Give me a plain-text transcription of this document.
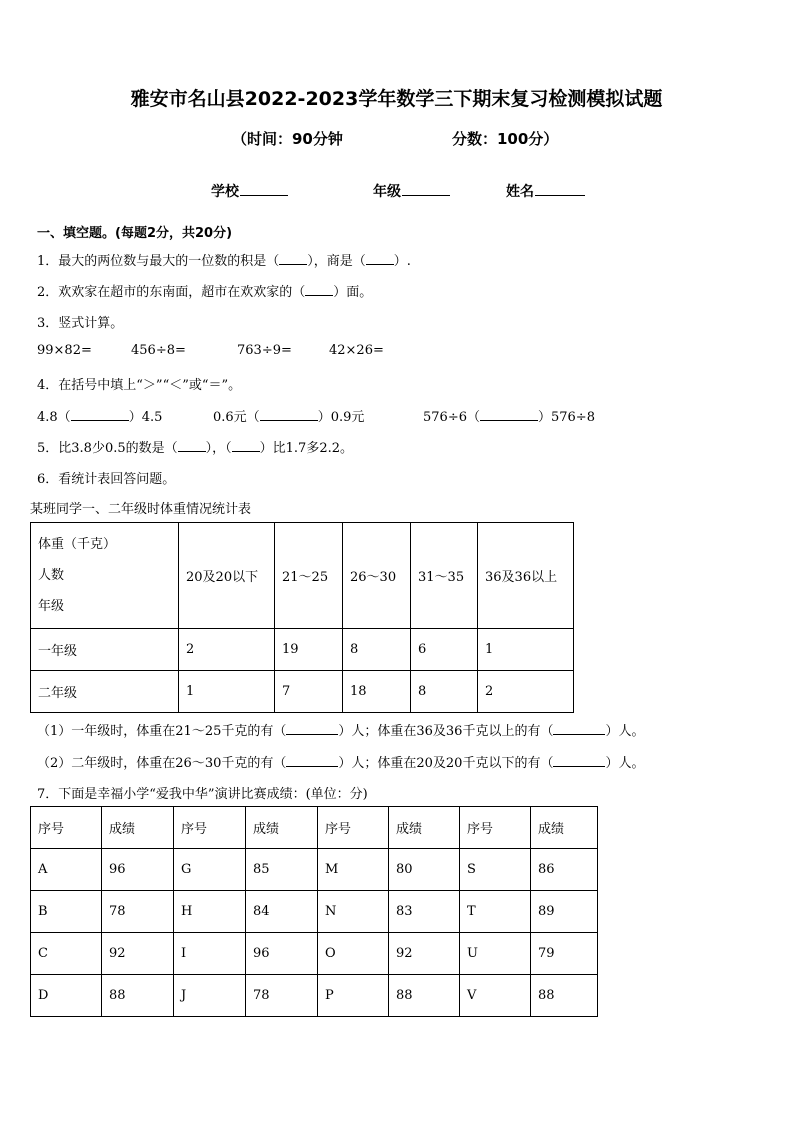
雅安市名山县2022-2023学年数学三下期末复习检测模拟试题
（时间：90分钟	分数：100分）
学校	年级	姓名
一、填空题。(每题2分，共20分)
1．最大的两位数与最大的一位数的积是（ ），商是（ ）.
2．欢欢家在超市的东南面，超市在欢欢家的（ ）面。
3．竖式计算。
99×82=	456÷8=	763÷9=	42×26=
4．在括号中填上“＞”“＜”或“＝”。
4.8（	）4.5	0.6元（	）0.9元	576÷6（	）576÷8
5．比3.8少0.5的数是（ ），（ ）比1.7多2.2。
6．看统计表回答问题。
某班同学一、二年级时体重情况统计表
体重（千克）
人数
年级	20及20以下	21～25	26～30	31～35	36及36以上
一年级	2	19	8	6	1
二年级	1	7	18	8	2
（1）一年级时，体重在21～25千克的有（	）人；体重在36及36千克以上的有（	）人。
（2）二年级时，体重在26～30千克的有（	）人；体重在20及20千克以下的有（	）人。
7．下面是幸福小学“爱我中华”演讲比赛成绩：(单位：分)
序号	成绩	序号	成绩	序号	成绩	序号	成绩
A	96	G	85	M	80	S	86
B	78	H	84	N	83	T	89
C	92	I	96	O	92	U	79
D	88	J	78	P	88	V	88
